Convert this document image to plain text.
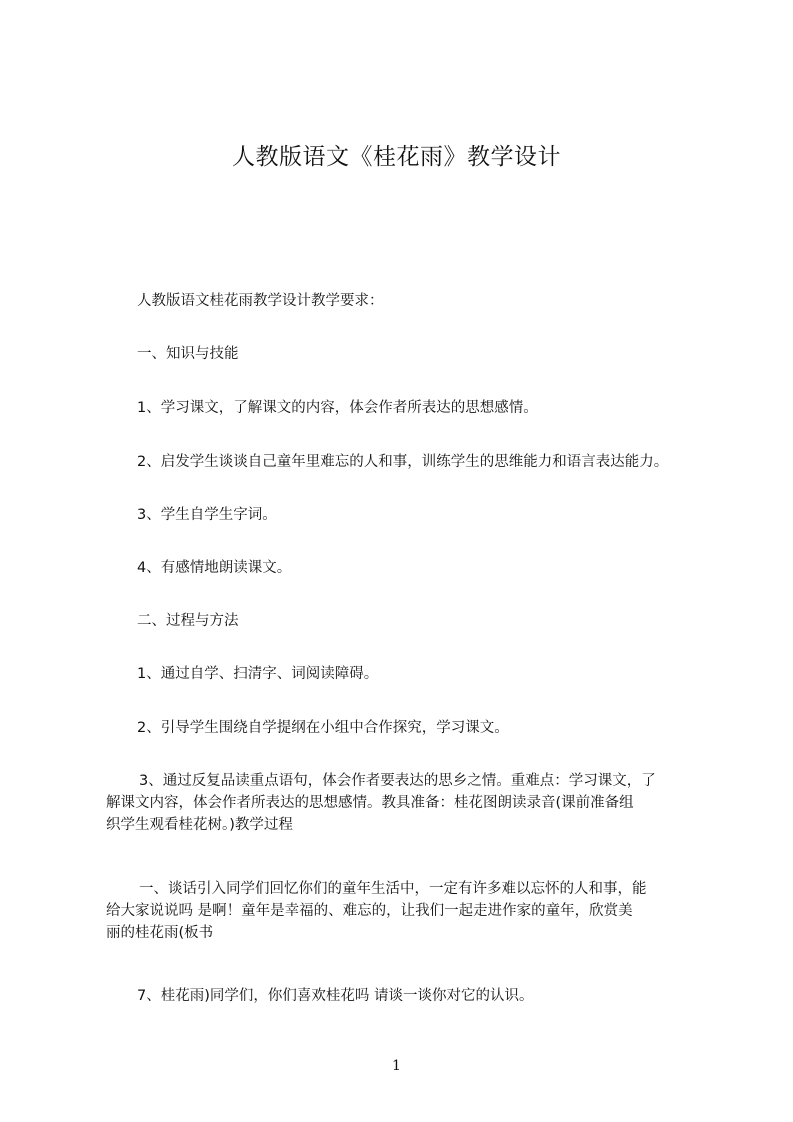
人教版语文《桂花雨》教学设计
人教版语文桂花雨教学设计教学要求：
一、知识与技能
1、学习课文，了解课文的内容，体会作者所表达的思想感情。
2、启发学生谈谈自己童年里难忘的人和事，训练学生的思维能力和语言表达能力。
3、学生自学生字词。
4、有感情地朗读课文。
二、过程与方法
1、通过自学、扫清字、词阅读障碍。
2、引导学生围绕自学提纲在小组中合作探究，学习课文。
3、通过反复品读重点语句，体会作者要表达的思乡之情。重难点：学习课文，了
解课文内容，体会作者所表达的思想感情。教具准备：桂花图朗读录音(课前准备组
织学生观看桂花树。)教学过程
一、谈话引入同学们回忆你们的童年生活中，一定有许多难以忘怀的人和事，能
给大家说说吗 是啊！童年是幸福的、难忘的，让我们一起走进作家的童年，欣赏美
丽的桂花雨(板书
7、桂花雨)同学们，你们喜欢桂花吗 请谈一谈你对它的认识。
1
